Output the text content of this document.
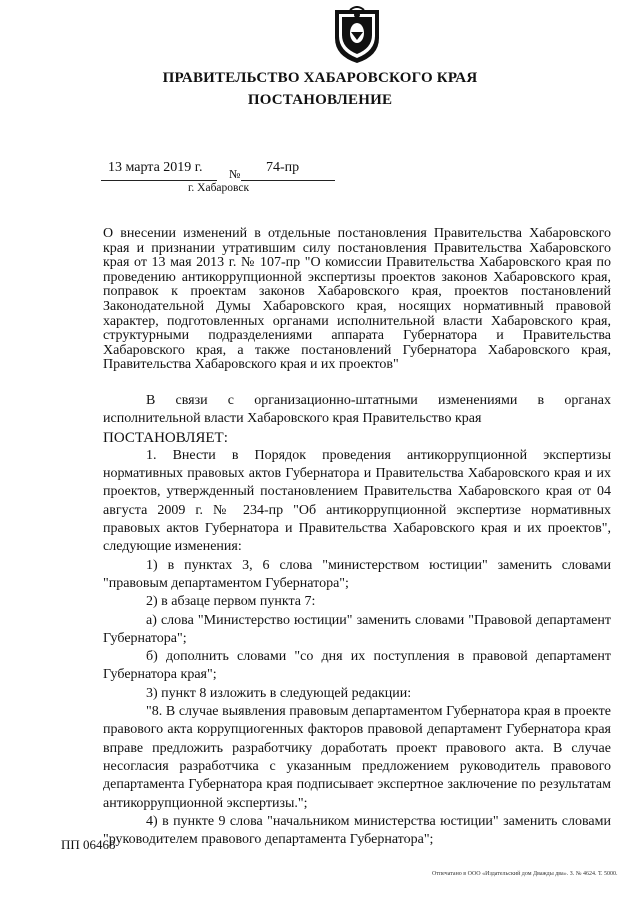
ПРАВИТЕЛЬСТВО ХАБАРОВСКОГО КРАЯ
ПОСТАНОВЛЕНИЕ
13 марта 2019 г. № 74-пр
г. Хабаровск
О внесении изменений в отдельные постановления Правительства Хабаровского края и признании утратившим силу постановления Правительства Хабаровского края от 13 мая 2013 г. № 107-пр "О комиссии Правительства Хабаровского края по проведению антикоррупционной экспертизы проектов законов Хабаровского края, поправок к проектам законов Хабаровского края, проектов постановлений Законодательной Думы Хабаровского края, носящих нормативный правовой характер, подготовленных органами исполнительной власти Хабаровского края, структурными подразделениями аппарата Губернатора и Правительства Хабаровского края, а также постановлений Губернатора Хабаровского края, Правительства Хабаровского края и их проектов"

В связи с организационно-штатными изменениями в органах исполнительной власти Хабаровского края Правительство края

ПОСТАНОВЛЯЕТ:

1. Внести в Порядок проведения антикоррупционной экспертизы нормативных правовых актов Губернатора и Правительства Хабаровского края и их проектов, утвержденный постановлением Правительства Хабаровского края от 04 августа 2009 г. № 234-пр "Об антикоррупционной экспертизе нормативных правовых актов Губернатора и Правительства Хабаровского края и их проектов", следующие изменения:

1) в пунктах 3, 6 слова "министерством юстиции" заменить словами "правовым департаментом Губернатора";

2) в абзаце первом пункта 7:

а) слова "Министерство юстиции" заменить словами "Правовой департамент Губернатора";

б) дополнить словами "со дня их поступления в правовой департамент Губернатора края";

3) пункт 8 изложить в следующей редакции:

"8. В случае выявления правовым департаментом Губернатора края в проекте правового акта коррупциогенных факторов правовой департамент Губернатора края вправе предложить разработчику доработать проект правового акта. В случае несогласия разработчика с указанным предложением руководитель правового департамента Губернатора края подписывает экспертное заключение по результатам антикоррупционной экспертизы.";

4) в пункте 9 слова "начальником министерства юстиции" заменить словами "руководителем правового департамента Губернатора";

ПП 06468
Отпечатано в ООО «Издательский дом Дважды два». З. № 4624. Т. 5000.
